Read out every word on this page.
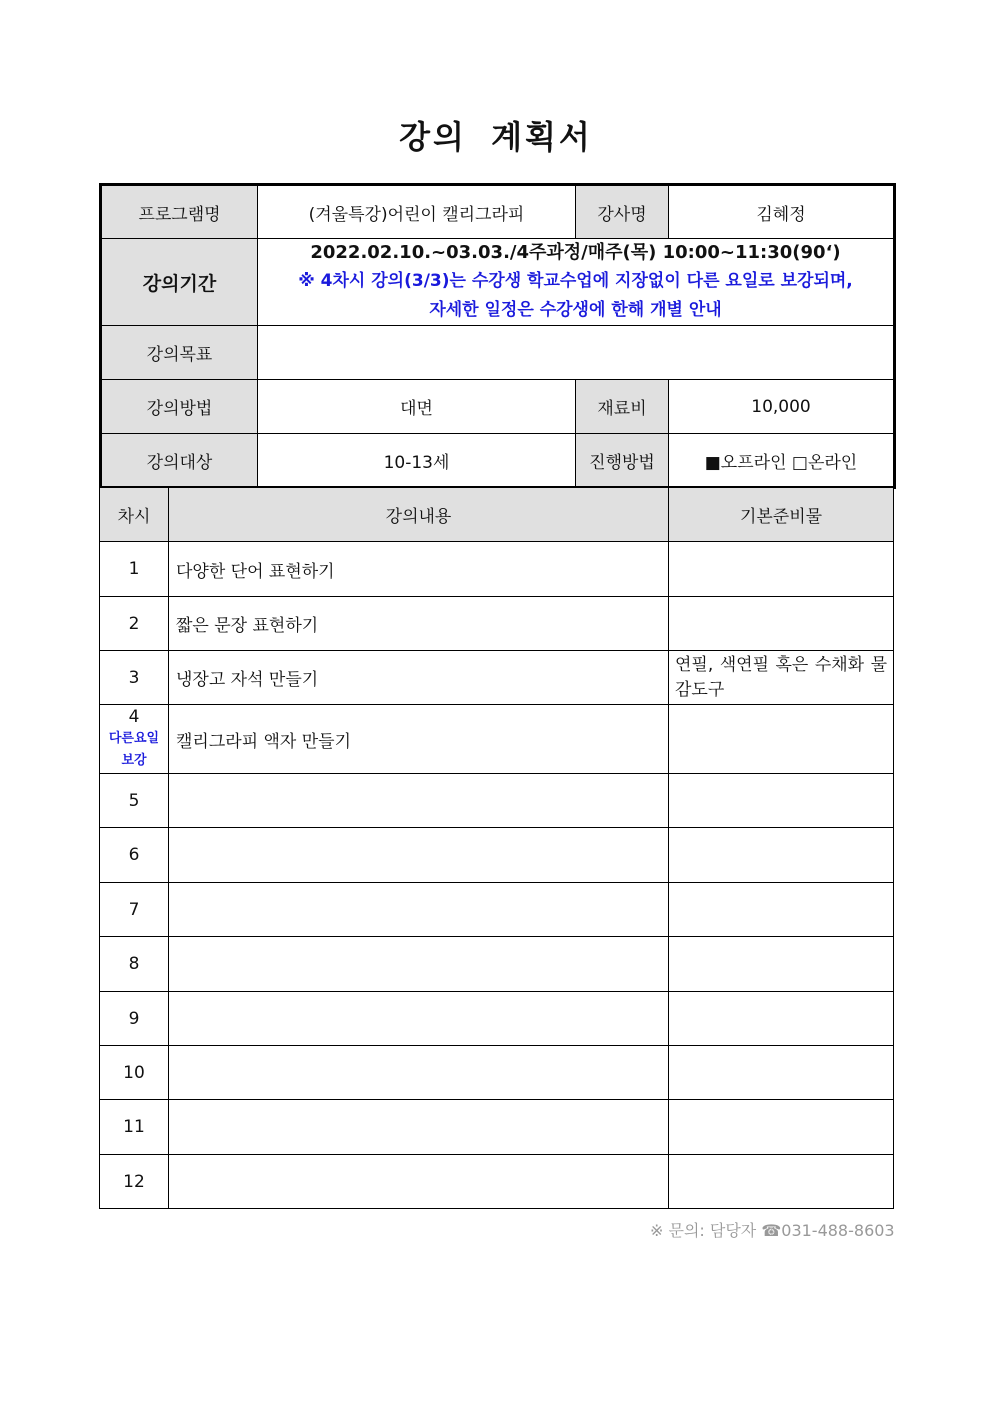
강의 계획서
프로그램명	(겨울특강)어린이 캘리그라피	강사명	김혜정
강의기간	2022.02.10.~03.03./4주과정/매주(목) 10:00~11:30(90‘)
※ 4차시 강의(3/3)는 수강생 학교수업에 지장없이 다른 요일로 보강되며,
자세한 일정은 수강생에 한해 개별 안내		

강의목표			
강의방법	대면	재료비	10,000
강의대상	10-13세	진행방법	■오프라인 □온라인
차시	강의내용	기본준비물
1	다양한 단어 표현하기	
2	짧은 문장 표현하기	
3	냉장고 자석 만들기	연필, 색연필 혹은 수채화 물감도구

4
다른요일
보강	캘리그라피 액자 만들기	
5		
6		
7		
8		
9		
10		
11		
12		
※ 문의: 담당자 ☎031-488-8603
